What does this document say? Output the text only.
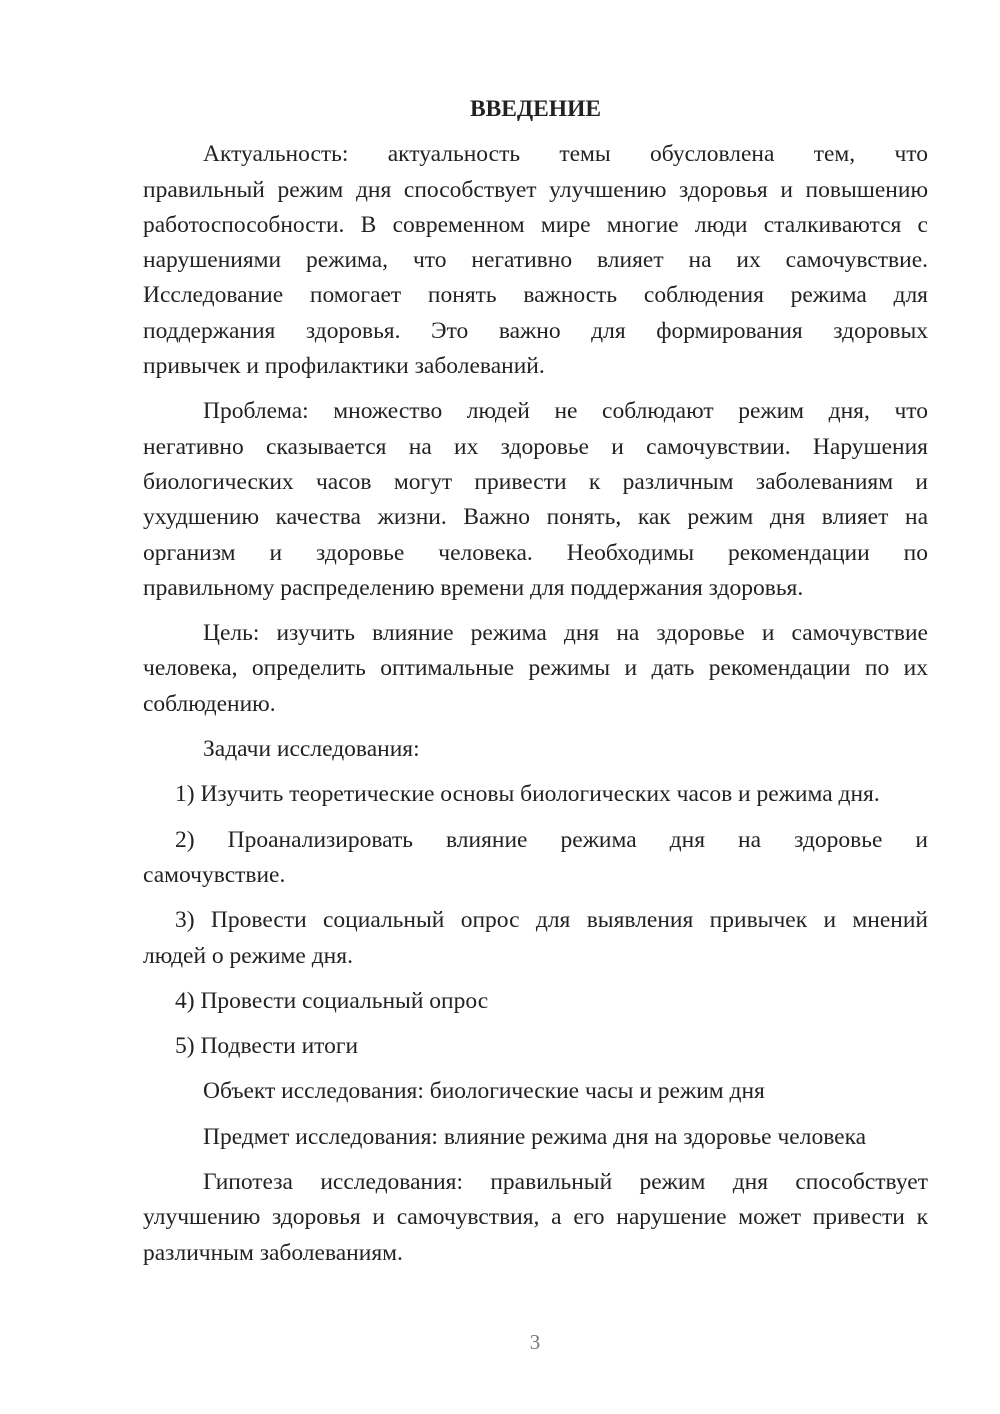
ВВЕДЕНИЕ
Актуальность: актуальность темы обусловлена тем, что
правильный режим дня способствует улучшению здоровья и повышению
работоспособности. В современном мире многие люди сталкиваются с
нарушениями режима, что негативно влияет на их самочувствие.
Исследование помогает понять важность соблюдения режима для
поддержания здоровья. Это важно для формирования здоровых
привычек и профилактики заболеваний.
Проблема: множество людей не соблюдают режим дня, что
негативно сказывается на их здоровье и самочувствии. Нарушения
биологических часов могут привести к различным заболеваниям и
ухудшению качества жизни. Важно понять, как режим дня влияет на
организм и здоровье человека. Необходимы рекомендации по
правильному распределению времени для поддержания здоровья.
Цель: изучить влияние режима дня на здоровье и самочувствие
человека, определить оптимальные режимы и дать рекомендации по их
соблюдению.
Задачи исследования:
1) Изучить теоретические основы биологических часов и режима дня.
2) Проанализировать влияние режима дня на здоровье и
самочувствие.
3) Провести социальный опрос для выявления привычек и мнений
людей о режиме дня.
4) Провести социальный опрос
5) Подвести итоги
Объект исследования: биологические часы и режим дня
Предмет исследования: влияние режима дня на здоровье человека
Гипотеза исследования: правильный режим дня способствует
улучшению здоровья и самочувствия, а его нарушение может привести к
различным заболеваниям.
3
